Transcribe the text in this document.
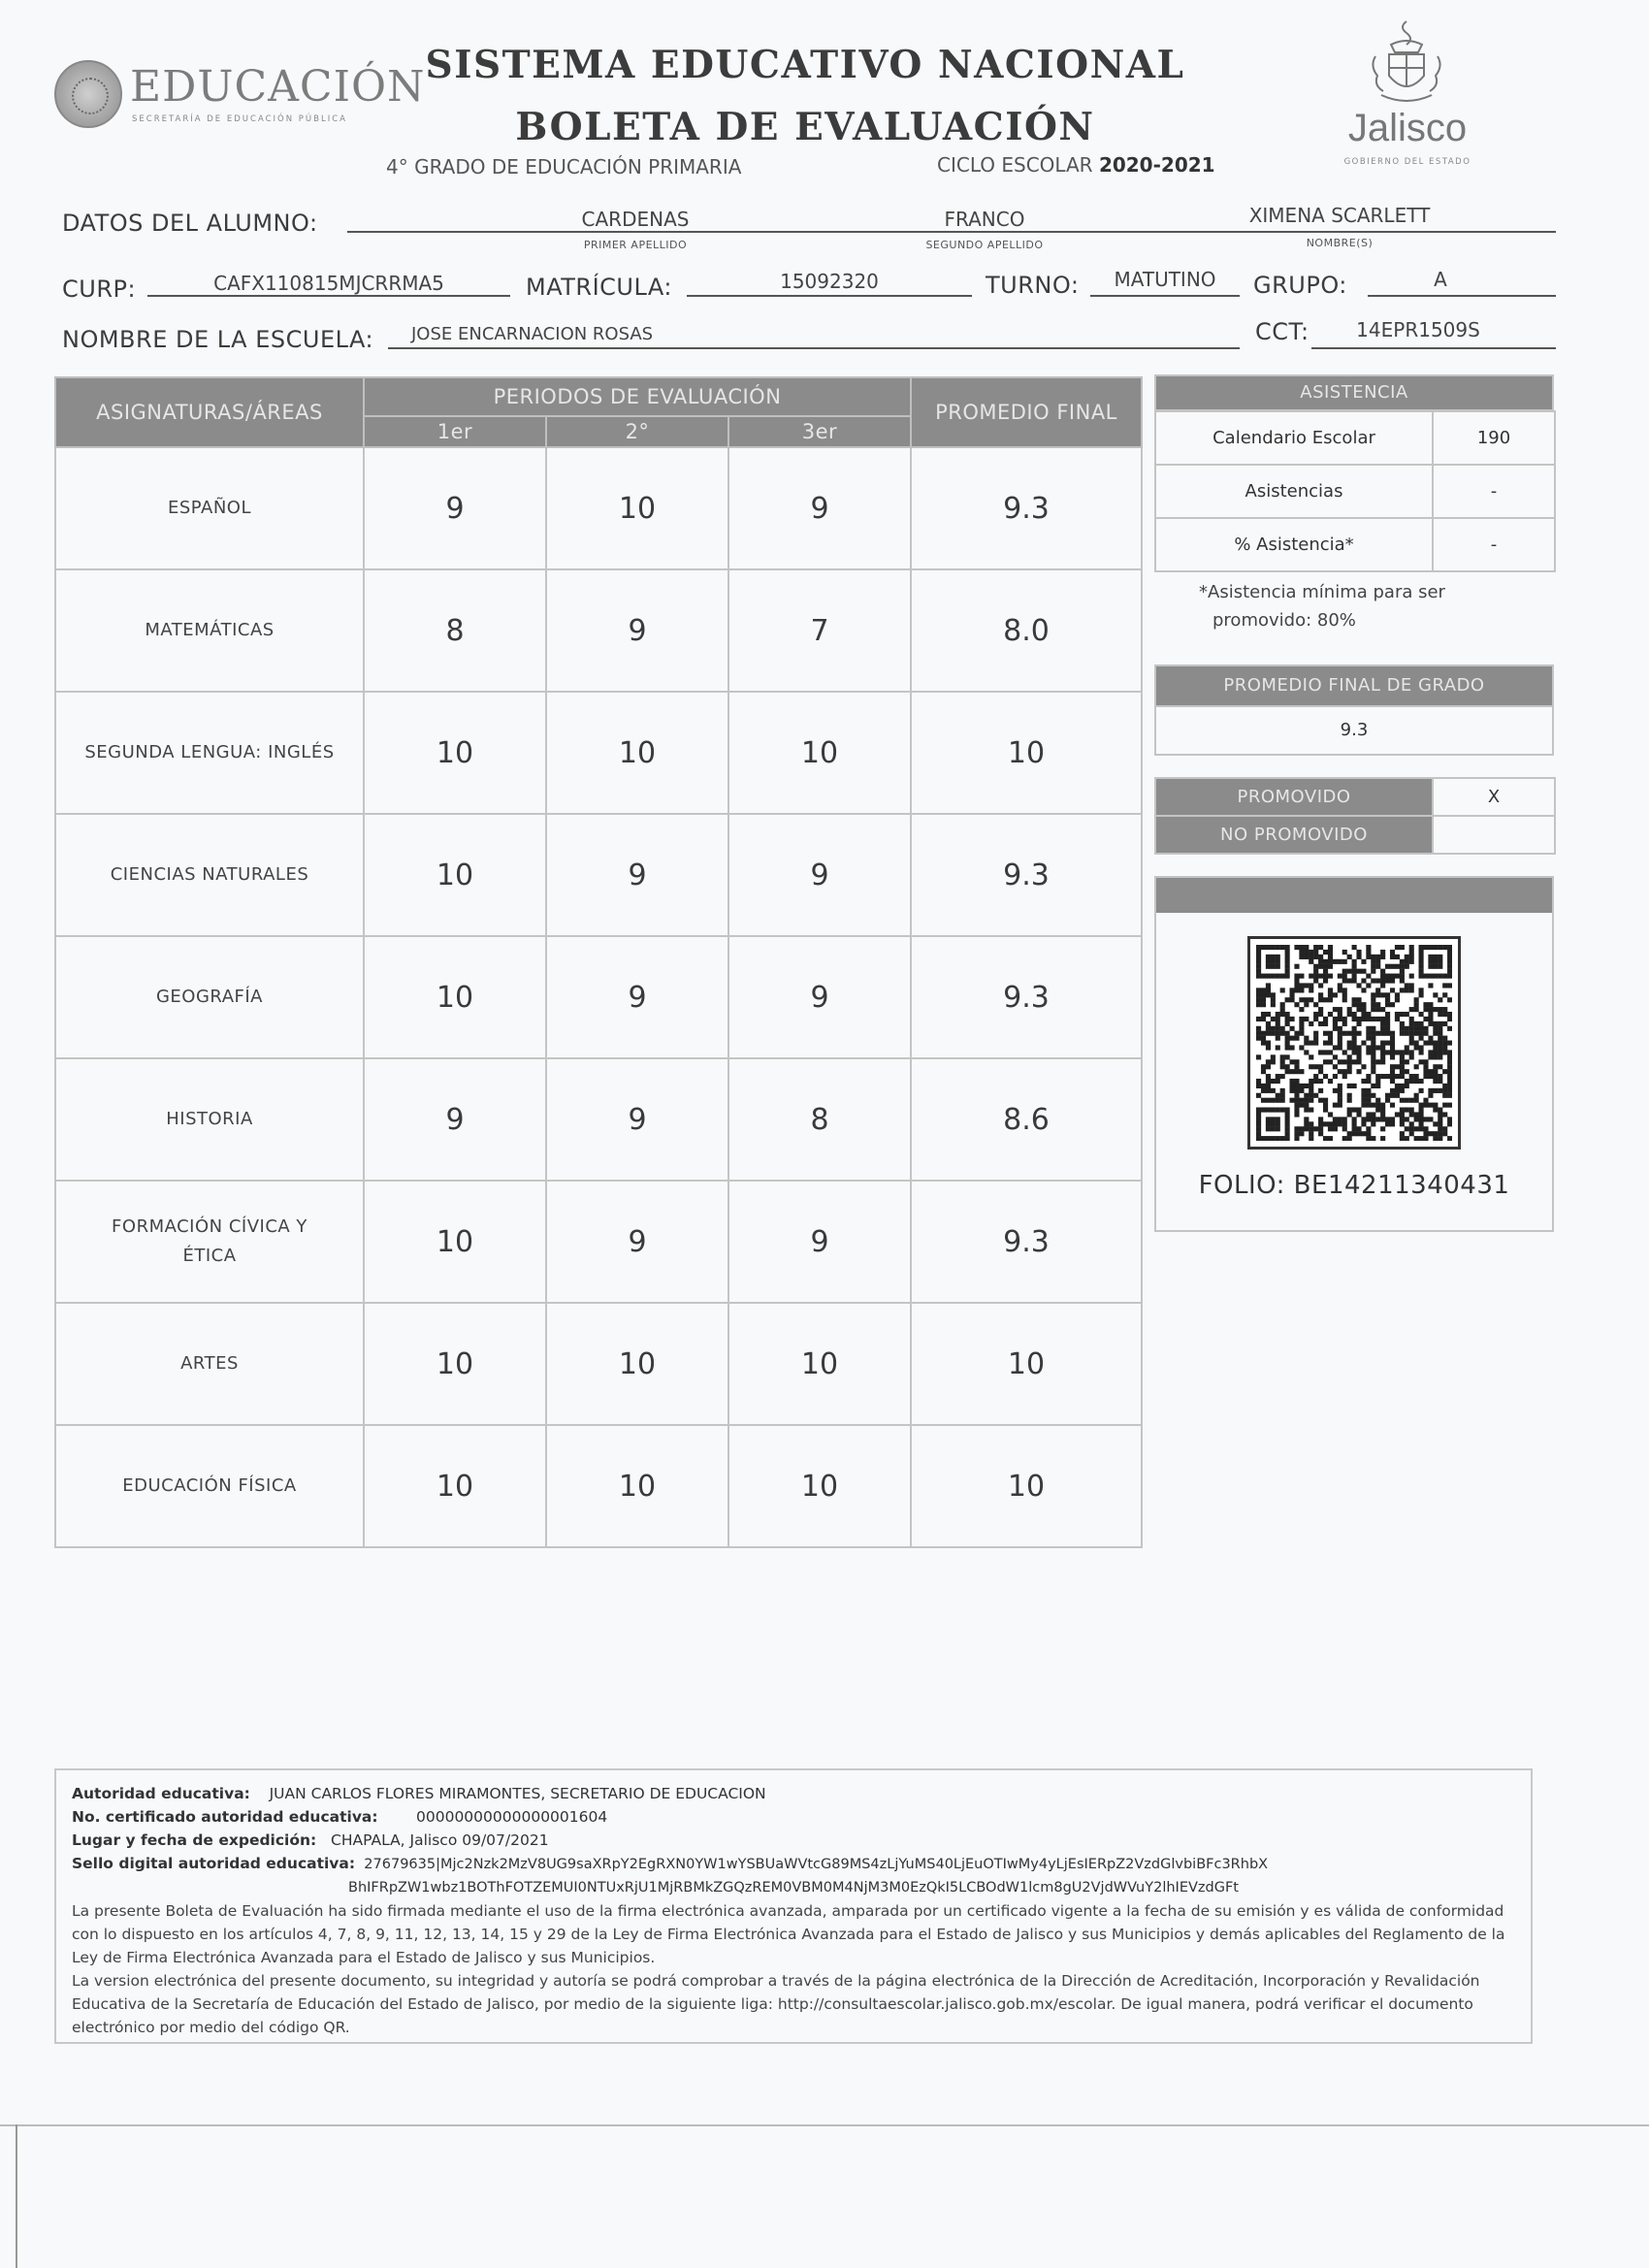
EDUCACIÓN
SECRETARÍA DE EDUCACIÓN PÚBLICA
SISTEMA EDUCATIVO NACIONAL
BOLETA DE EVALUACIÓN
4° GRADO DE EDUCACIÓN PRIMARIA	CICLO ESCOLAR 2020-2021
Jalisco
GOBIERNO DEL ESTADO
DATOS DEL ALUMNO:	CARDENAS
PRIMER APELLIDO
FRANCO
SEGUNDO APELLIDO
XIMENA SCARLETT
NOMBRE(S)
CURP:	CAFX110815MJCRRMA5	MATRÍCULA:	15092320	TURNO:	MATUTINO	GRUPO:	A
NOMBRE DE LA ESCUELA: JOSE ENCARNACION ROSAS	CCT:	14EPR1509S
ASIGNATURAS/ÁREAS	PERIODOS DE EVALUACIÓN			PROMEDIO FINAL
	1er	2°	3er	
ESPAÑOL	9	10	9	9.3
MATEMÁTICAS	8	9	7	8.0
SEGUNDA LENGUA: INGLÉS	10	10	10	10
CIENCIAS NATURALES	10	9	9	9.3
GEOGRAFÍA	10	9	9	9.3
HISTORIA	9	9	8	8.6
FORMACIÓN CÍVICA Y ÉTICA	10	9	9	9.3
ARTES	10	10	10	10
EDUCACIÓN FÍSICA	10	10	10	10
ASISTENCIA
Calendario Escolar	190
Asistencias	-
% Asistencia*	-
*Asistencia mínima para ser
promovido: 80%
PROMEDIO FINAL DE GRADO
9.3
PROMOVIDO	X
NO PROMOVIDO	
FOLIO: BE14211340431
Autoridad educativa: JUAN CARLOS FLORES MIRAMONTES, SECRETARIO DE EDUCACION
No. certificado autoridad educativa:	00000000000000001604
Lugar y fecha de expedición: CHAPALA, Jalisco 09/07/2021
Sello digital autoridad educativa: 27679635|Mjc2Nzk2MzV8UG9saXRpY2EgRXN0YW1wYSBUaWVtcG89MS4zLjYuMS40LjEuOTIwMy4yLjEsIERpZ2VzdGlvbiBFc3RhbX
BhIFRpZW1wbz1BOThFOTZEMUI0NTUxRjU1MjRBMkZGQzREM0VBM0M4NjM3M0EzQkI5LCBOdW1lcm8gU2VjdWVuY2lhIEVzdGFt
La presente Boleta de Evaluación ha sido firmada mediante el uso de la firma electrónica avanzada, amparada por un certificado vigente a la fecha de su emisión y es válida de conformidad con lo dispuesto en los artículos 4, 7, 8, 9, 11, 12, 13, 14, 15 y 29 de la Ley de Firma Electrónica Avanzada para el Estado de Jalisco y sus Municipios y demás aplicables del Reglamento de la Ley de Firma Electrónica Avanzada para el Estado de Jalisco y sus Municipios.
La version electrónica del presente documento, su integridad y autoría se podrá comprobar a través de la página electrónica de la Dirección de Acreditación, Incorporación y Revalidación Educativa de la Secretaría de Educación del Estado de Jalisco, por medio de la siguiente liga: http://consultaescolar.jalisco.gob.mx/escolar. De igual manera, podrá verificar el documento electrónico por medio del código QR.
